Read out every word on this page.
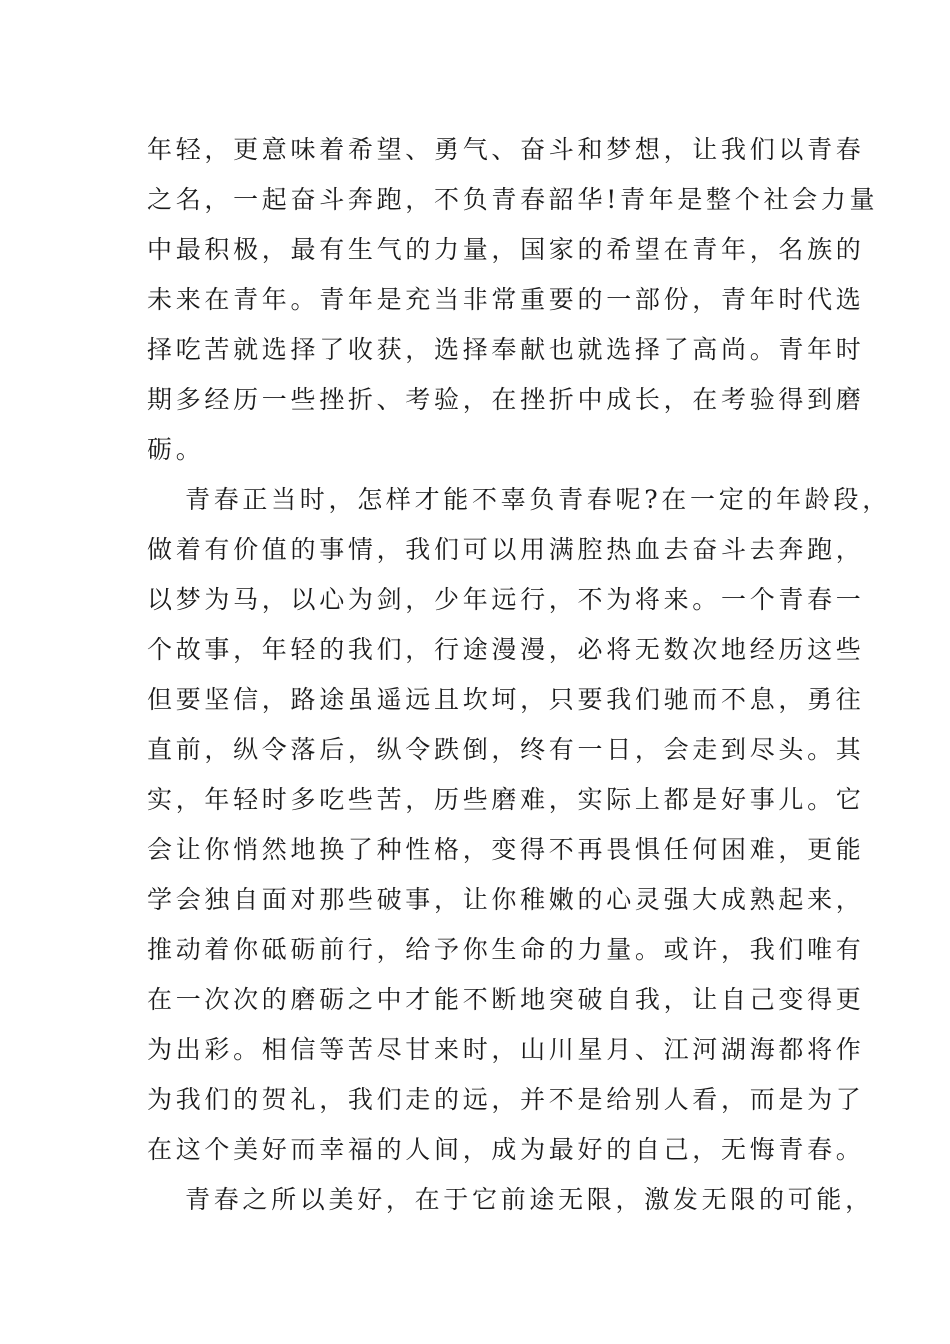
年轻，更意味着希望、勇气、奋斗和梦想，让我们以青春
之名，一起奋斗奔跑，不负青春韶华!青年是整个社会力量
中最积极，最有生气的力量，国家的希望在青年，名族的
未来在青年。青年是充当非常重要的一部份，青年时代选
择吃苦就选择了收获，选择奉献也就选择了高尚。青年时
期多经历一些挫折、考验，在挫折中成长，在考验得到磨
砺。
青春正当时，怎样才能不辜负青春呢?在一定的年龄段，
做着有价值的事情，我们可以用满腔热血去奋斗去奔跑，
以梦为马，以心为剑，少年远行，不为将来。一个青春一
个故事，年轻的我们，行途漫漫，必将无数次地经历这些
但要坚信，路途虽遥远且坎坷，只要我们驰而不息，勇往
直前，纵令落后，纵令跌倒，终有一日，会走到尽头。其
实，年轻时多吃些苦，历些磨难，实际上都是好事儿。它
会让你悄然地换了种性格，变得不再畏惧任何困难，更能
学会独自面对那些破事，让你稚嫩的心灵强大成熟起来，
推动着你砥砺前行，给予你生命的力量。或许，我们唯有
在一次次的磨砺之中才能不断地突破自我，让自己变得更
为出彩。相信等苦尽甘来时，山川星月、江河湖海都将作
为我们的贺礼，我们走的远，并不是给别人看，而是为了
在这个美好而幸福的人间，成为最好的自己，无悔青春。
青春之所以美好，在于它前途无限，激发无限的可能，
